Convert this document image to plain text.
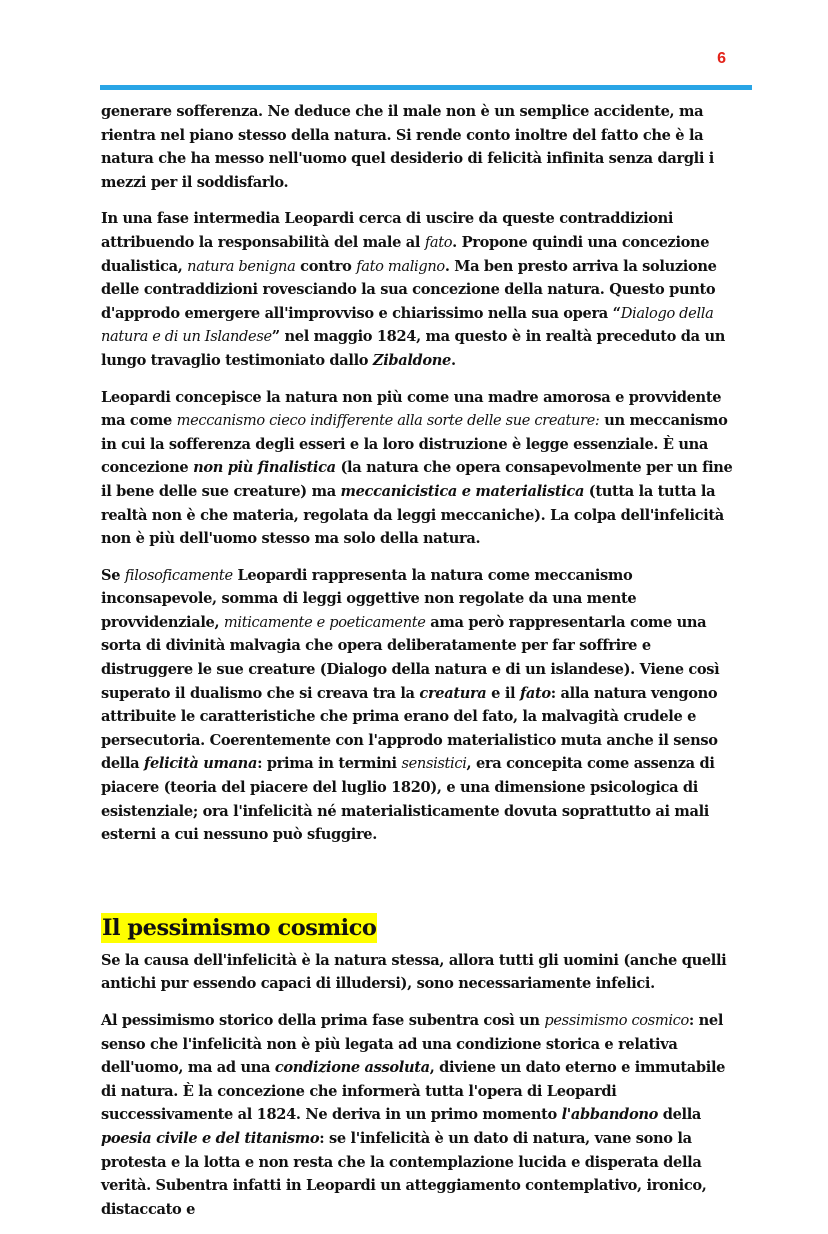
6

generare sofferenza. Ne deduce che il male non è un semplice accidente, ma rientra nel piano stesso della natura. Si rende conto inoltre del fatto che è la natura che ha messo nell'uomo quel desiderio di felicità infinita senza dargli i mezzi per il soddisfarlo.

In una fase intermedia Leopardi cerca di uscire da queste contraddizioni attribuendo la responsabilità del male al fato. Propone quindi una concezione dualistica, natura benigna contro fato maligno. Ma ben presto arriva la soluzione delle contraddizioni rovesciando la sua concezione della natura. Questo punto d'approdo emergere all'improvviso e chiarissimo nella sua opera “Dialogo della natura e di un Islandese” nel maggio 1824, ma questo è in realtà preceduto da un lungo travaglio testimoniato dallo Zibaldone.

Leopardi concepisce la natura non più come una madre amorosa e provvidente ma come meccanismo cieco indifferente alla sorte delle sue creature: un meccanismo in cui la sofferenza degli esseri e la loro distruzione è legge essenziale. È una concezione non più finalistica (la natura che opera consapevolmente per un fine il bene delle sue creature) ma meccanicistica e materialistica (tutta la tutta la realtà non è che materia, regolata da leggi meccaniche). La colpa dell'infelicità non è più dell'uomo stesso ma solo della natura.

Se filosoficamente Leopardi rappresenta la natura come meccanismo inconsapevole, somma di leggi oggettive non regolate da una mente provvidenziale, miticamente e poeticamente ama però rappresentarla come una sorta di divinità malvagia che opera deliberatamente per far soffrire e distruggere le sue creature (Dialogo della natura e di un islandese). Viene così superato il dualismo che si creava tra la creatura e il fato: alla natura vengono attribuite le caratteristiche che prima erano del fato, la malvagità crudele e persecutoria. Coerentemente con l'approdo materialistico muta anche il senso della felicità umana: prima in termini sensistici, era concepita come assenza di piacere (teoria del piacere del luglio 1820), e una dimensione psicologica di esistenziale; ora l'infelicità né materialisticamente dovuta soprattutto ai mali esterni a cui nessuno può sfuggire.

Il pessimismo cosmico

Se la causa dell'infelicità è la natura stessa, allora tutti gli uomini (anche quelli antichi pur essendo capaci di illudersi), sono necessariamente infelici.

Al pessimismo storico della prima fase subentra così un pessimismo cosmico: nel senso che l'infelicità non è più legata ad una condizione storica e relativa dell'uomo, ma ad una condizione assoluta, diviene un dato eterno e immutabile di natura. È la concezione che informerà tutta l'opera di Leopardi successivamente al 1824. Ne deriva in un primo momento l'abbandono della poesia civile e del titanismo: se l'infelicità è un dato di natura, vane sono la protesta e la lotta e non resta che la contemplazione lucida e disperata della verità. Subentra infatti in Leopardi un atteggiamento contemplativo, ironico, distaccato e
